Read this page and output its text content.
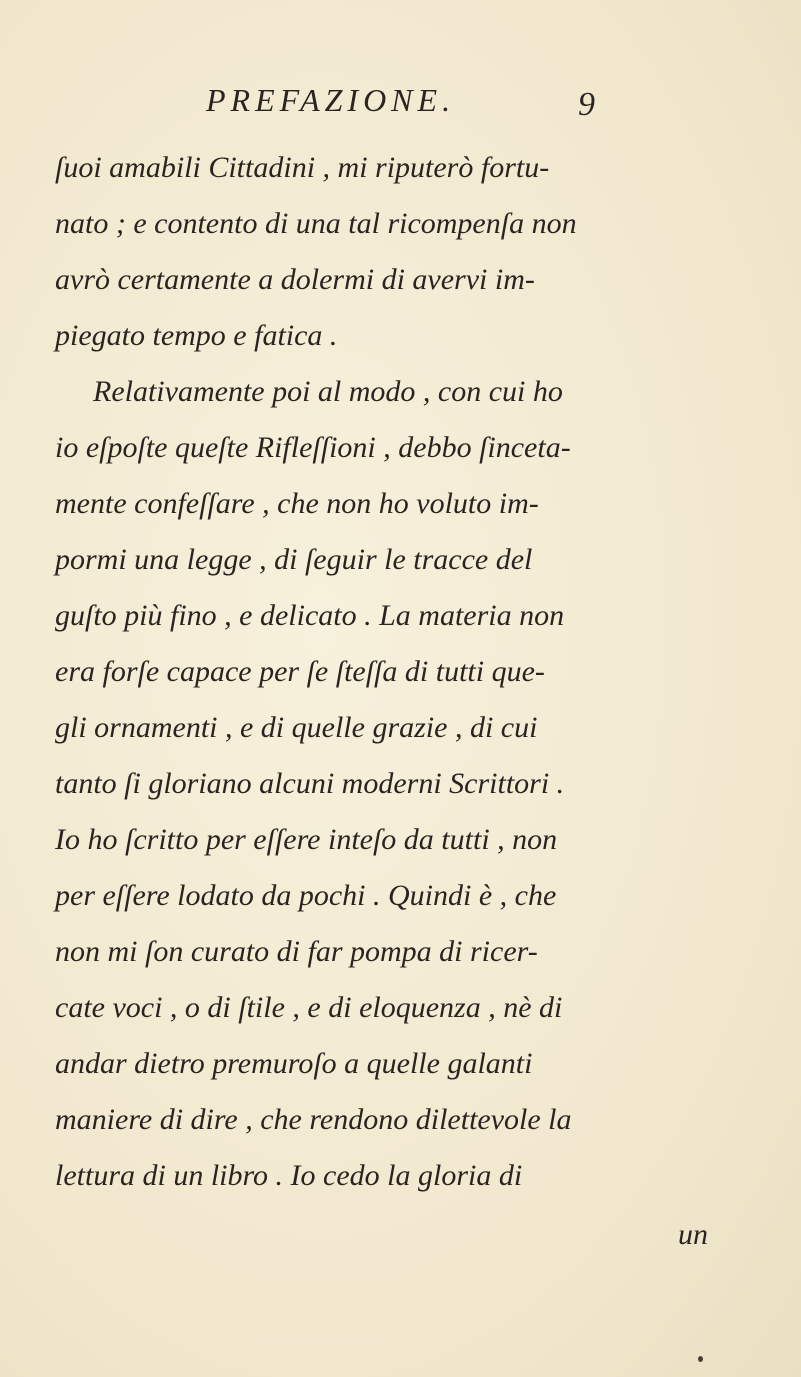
PREFAZIONE.	9
ſuoi amabili Cittadini , mi riputerò fortu-
nato ; e contento di una tal ricompenſa non
avrò certamente a dolermi di avervi im-
piegato tempo e fatica .
Relativamente poi al modo , con cui ho
io eſpoſte queſte Rifleſſioni , debbo ſinceta-
mente confeſſare , che non ho voluto im-
pormi una legge , di ſeguir le tracce del
guſto più fino , e delicato . La materia non
era forſe capace per ſe ſteſſa di tutti que-
gli ornamenti , e di quelle grazie , di cui
tanto ſi gloriano alcuni moderni Scrittori .
Io ho ſcritto per eſſere inteſo da tutti , non
per eſſere lodato da pochi . Quindi è , che
non mi ſon curato di far pompa di ricer-
cate voci , o di ſtile , e di eloquenza , nè di
andar dietro premuroſo a quelle galanti
maniere di dire , che rendono dilettevole la
lettura di un libro . Io cedo la gloria di
un
